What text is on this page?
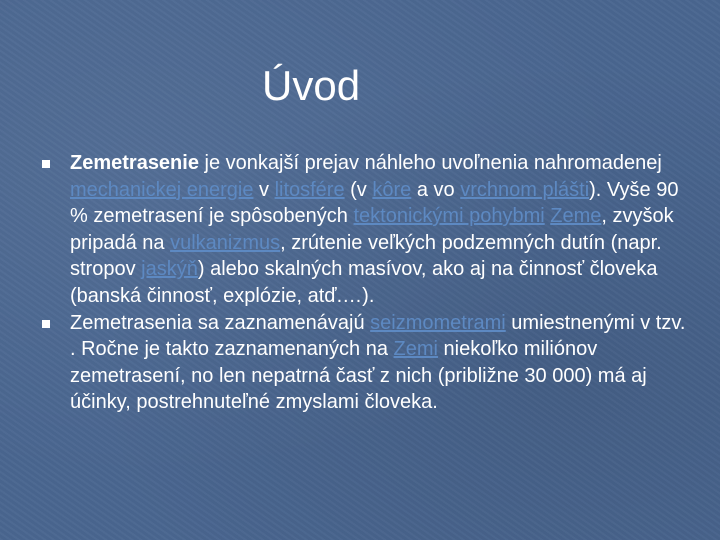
Úvod
Zemetrasenie je vonkajší prejav náhleho uvoľnenia nahromadenej mechanickej energie v litosfére (v kôre a vo vrchnom plášti). Vyše 90 % zemetrasení je spôsobených tektonickými pohybmi Zeme, zvyšok pripadá na vulkanizmus, zrútenie veľkých podzemných dutín (napr. stropov jaskýň) alebo skalných masívov, ako aj na činnosť človeka (banská činnosť, explózie, atď.…).
Zemetrasenia sa zaznamenávajú seizmometrami umiestnenými v tzv. . Ročne je takto zaznamenaných na Zemi niekoľko miliónov zemetrasení, no len nepatrná časť z nich (približne 30 000) má aj účinky, postrehnuteľné zmyslami človeka.
